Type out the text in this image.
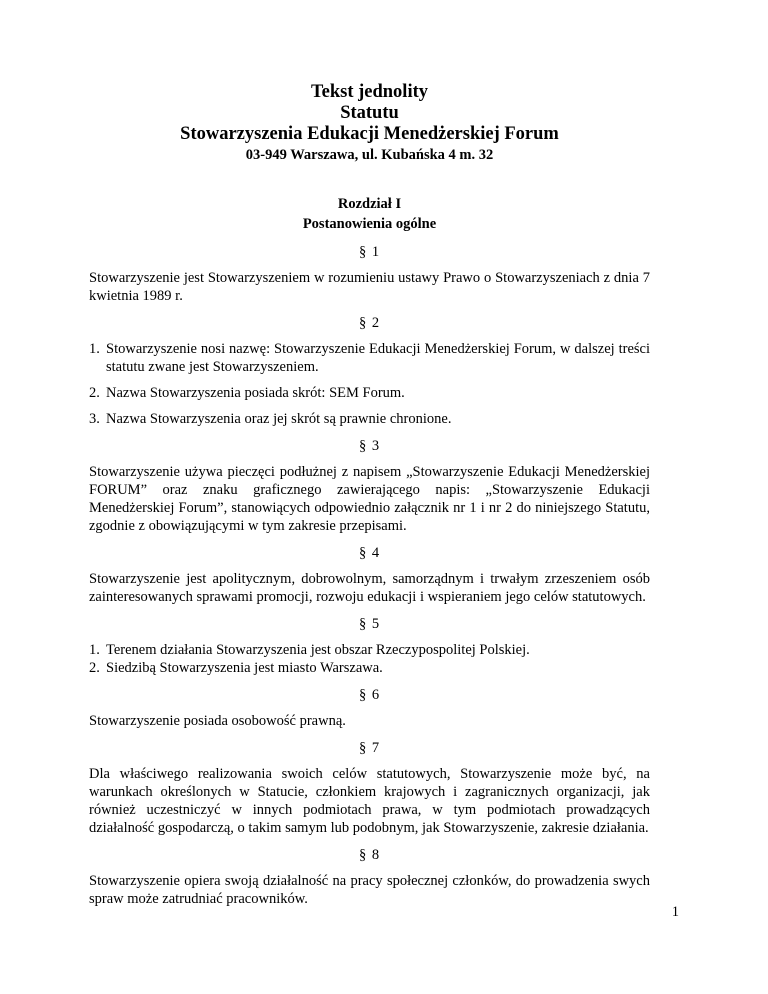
Tekst jednolity
Statutu
Stowarzyszenia Edukacji Menedżerskiej Forum
03-949 Warszawa, ul. Kubańska 4 m. 32
Rozdział I
Postanowienia ogólne
§ 1

Stowarzyszenie jest Stowarzyszeniem w rozumieniu ustawy Prawo o Stowarzyszeniach z dnia 7 kwietnia 1989 r.

§ 2
1. Stowarzyszenie nosi nazwę: Stowarzyszenie Edukacji Menedżerskiej Forum, w dalszej treści statutu zwane jest Stowarzyszeniem.
2. Nazwa Stowarzyszenia posiada skrót: SEM Forum.
3. Nazwa Stowarzyszenia oraz jej skrót są prawnie chronione.
§ 3

Stowarzyszenie używa pieczęci podłużnej z napisem „Stowarzyszenie Edukacji Menedżerskiej FORUM” oraz znaku graficznego zawierającego napis: „Stowarzyszenie Edukacji Menedżerskiej Forum”, stanowiących odpowiednio załącznik nr 1 i nr 2 do niniejszego Statutu, zgodnie z obowiązującymi w tym zakresie przepisami.

§ 4

Stowarzyszenie jest apolitycznym, dobrowolnym, samorządnym i trwałym zrzeszeniem osób zainteresowanych sprawami promocji, rozwoju edukacji i wspieraniem jego celów statutowych.

§ 5
1. Terenem działania Stowarzyszenia jest obszar Rzeczypospolitej Polskiej.
2. Siedzibą Stowarzyszenia jest miasto Warszawa.
§ 6

Stowarzyszenie posiada osobowość prawną.

§ 7

Dla właściwego realizowania swoich celów statutowych, Stowarzyszenie może być, na warunkach określonych w Statucie, członkiem krajowych i zagranicznych organizacji, jak również uczestniczyć w innych podmiotach prawa, w tym podmiotach prowadzących działalność gospodarczą, o takim samym lub podobnym, jak Stowarzyszenie, zakresie działania.

§ 8

Stowarzyszenie opiera swoją działalność na pracy społecznej członków, do prowadzenia swych spraw może zatrudniać pracowników.

1
